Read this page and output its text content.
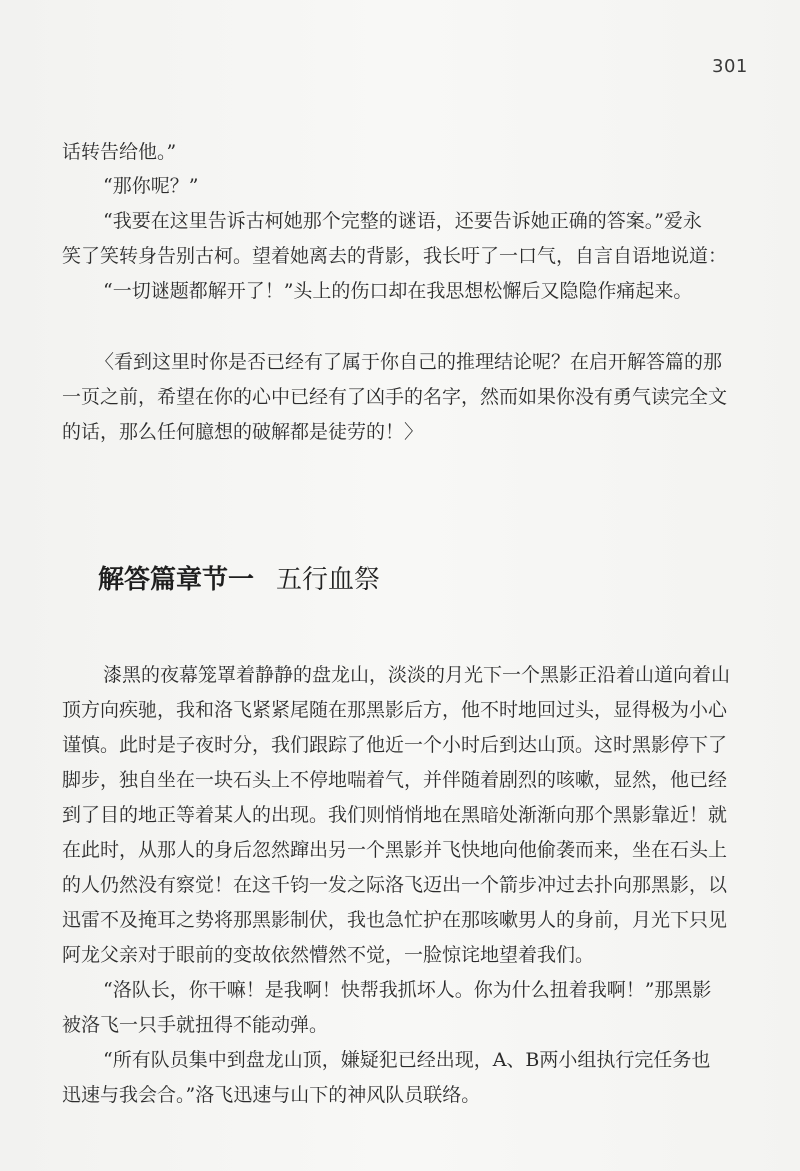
301
话转告给他。”
“那你呢？”
“我要在这里告诉古柯她那个完整的谜语，还要告诉她正确的答案。”爱永
笑了笑转身告别古柯。望着她离去的背影，我长吁了一口气，自言自语地说道：
“一切谜题都解开了！”头上的伤口却在我思想松懈后又隐隐作痛起来。
〈看到这里时你是否已经有了属于你自己的推理结论呢？在启开解答篇的那
一页之前，希望在你的心中已经有了凶手的名字，然而如果你没有勇气读完全文
的话，那么任何臆想的破解都是徒劳的！〉
解答篇章节一 五行血祭
漆黑的夜幕笼罩着静静的盘龙山，淡淡的月光下一个黑影正沿着山道向着山
顶方向疾驰，我和洛飞紧紧尾随在那黑影后方，他不时地回过头，显得极为小心
谨慎。此时是子夜时分，我们跟踪了他近一个小时后到达山顶。这时黑影停下了
脚步，独自坐在一块石头上不停地喘着气，并伴随着剧烈的咳嗽，显然，他已经
到了目的地正等着某人的出现。我们则悄悄地在黑暗处渐渐向那个黑影靠近！就
在此时，从那人的身后忽然蹿出另一个黑影并飞快地向他偷袭而来，坐在石头上
的人仍然没有察觉！在这千钧一发之际洛飞迈出一个箭步冲过去扑向那黑影，以
迅雷不及掩耳之势将那黑影制伏，我也急忙护在那咳嗽男人的身前，月光下只见
阿龙父亲对于眼前的变故依然懵然不觉，一脸惊诧地望着我们。
“洛队长，你干嘛！是我啊！快帮我抓坏人。你为什么扭着我啊！”那黑影
被洛飞一只手就扭得不能动弹。
“所有队员集中到盘龙山顶，嫌疑犯已经出现，A、B两小组执行完任务也
迅速与我会合。”洛飞迅速与山下的神风队员联络。
